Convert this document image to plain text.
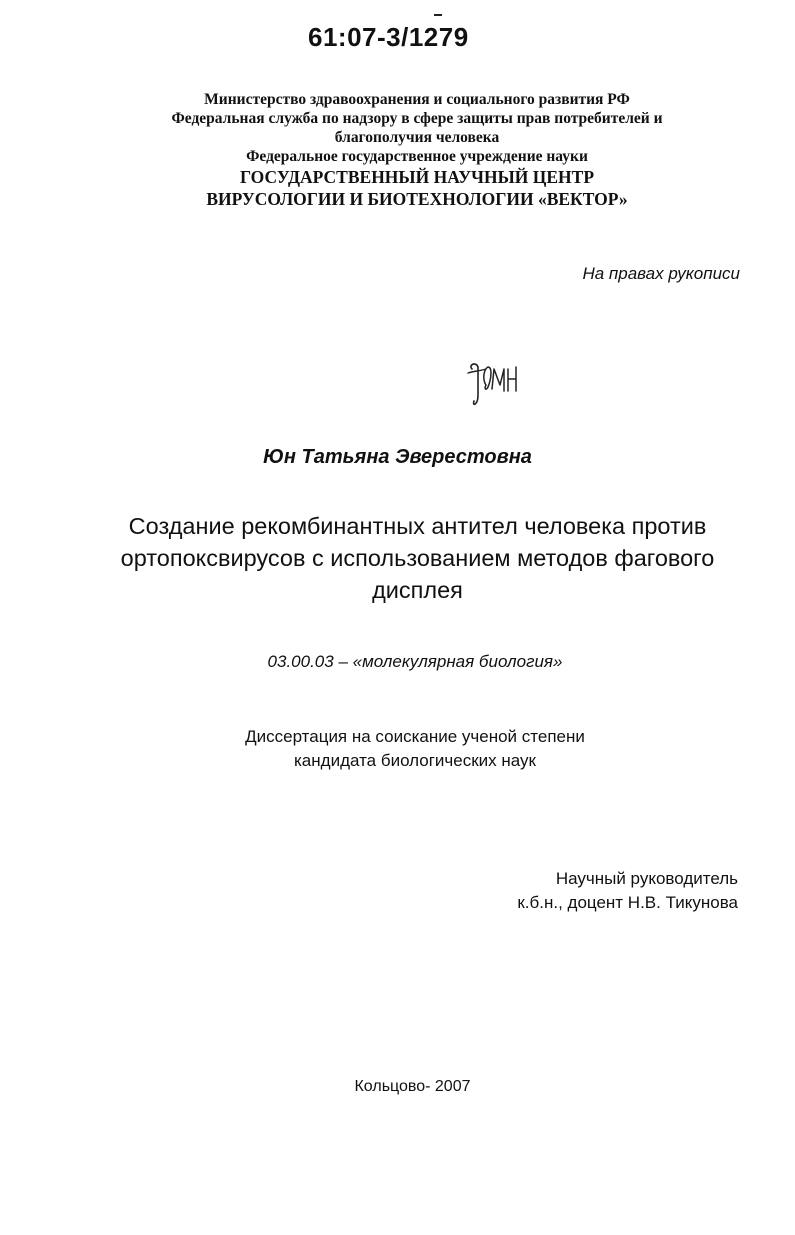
61:07-3/1279
Министерство здравоохранения и социального развития РФ
Федеральная служба по надзору в сфере защиты прав потребителей и
благополучия человека
Федеральное государственное учреждение науки
ГОСУДАРСТВЕННЫЙ НАУЧНЫЙ ЦЕНТР
ВИРУСОЛОГИИ И БИОТЕХНОЛОГИИ «ВЕКТОР»
На правах рукописи
Юн Татьяна Эверестовна
Создание рекомбинантных антител человека против
ортопоксвирусов с использованием методов фагового
дисплея
03.00.03 – «молекулярная биология»
Диссертация на соискание ученой степени
кандидата биологических наук
Научный руководитель
к.б.н., доцент Н.В. Тикунова
Кольцово- 2007
